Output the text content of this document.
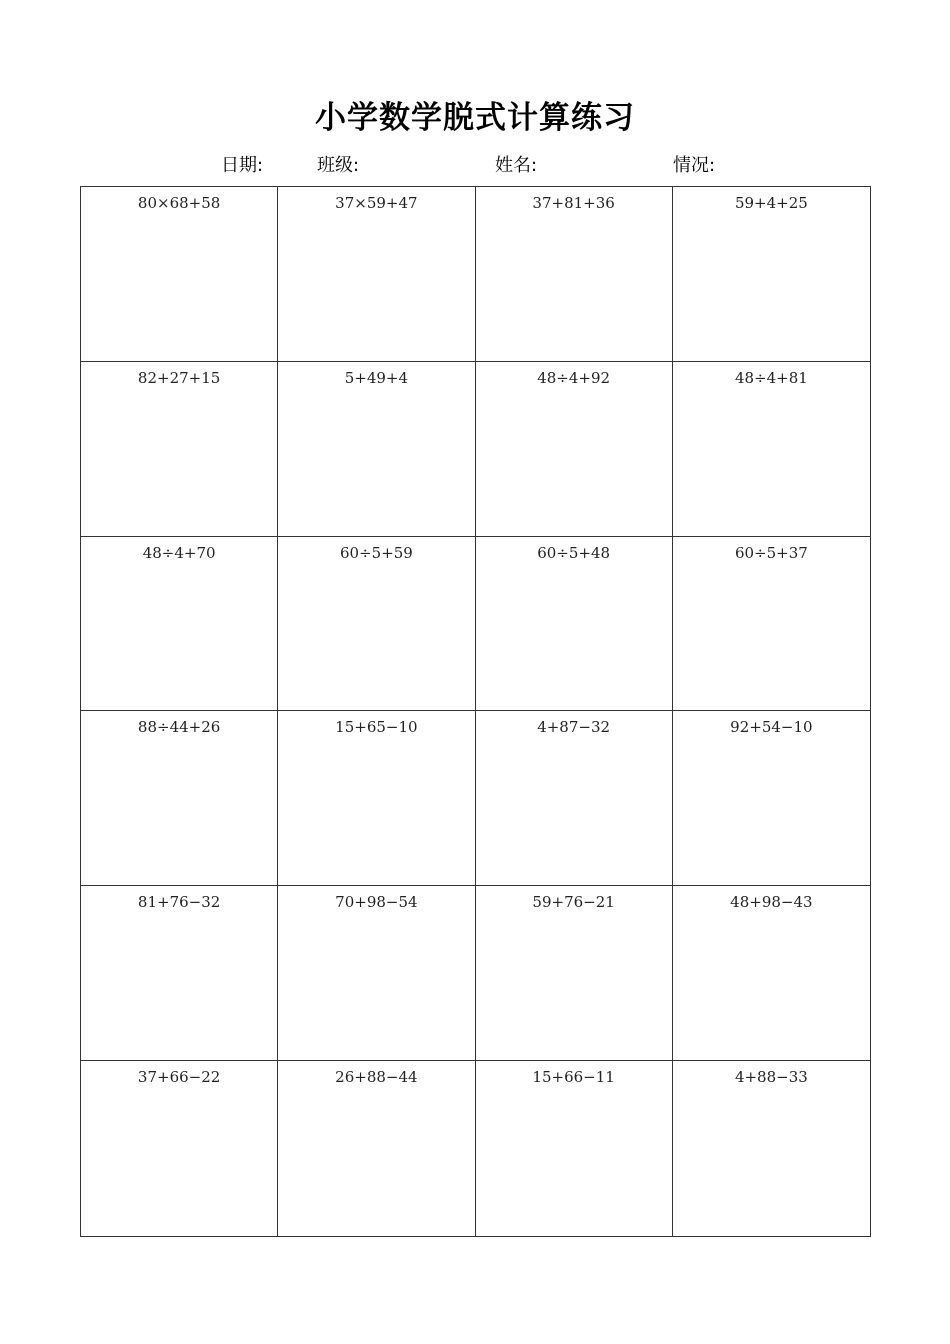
小学数学脱式计算练习
日期:	班级:	姓名:	情况:
80×68+58	37×59+47	37+81+36	59+4+25
82+27+15	5+49+4	48÷4+92	48÷4+81
48÷4+70	60÷5+59	60÷5+48	60÷5+37
88÷44+26	15+65−10	4+87−32	92+54−10
81+76−32	70+98−54	59+76−21	48+98−43
37+66−22	26+88−44	15+66−11	4+88−33
